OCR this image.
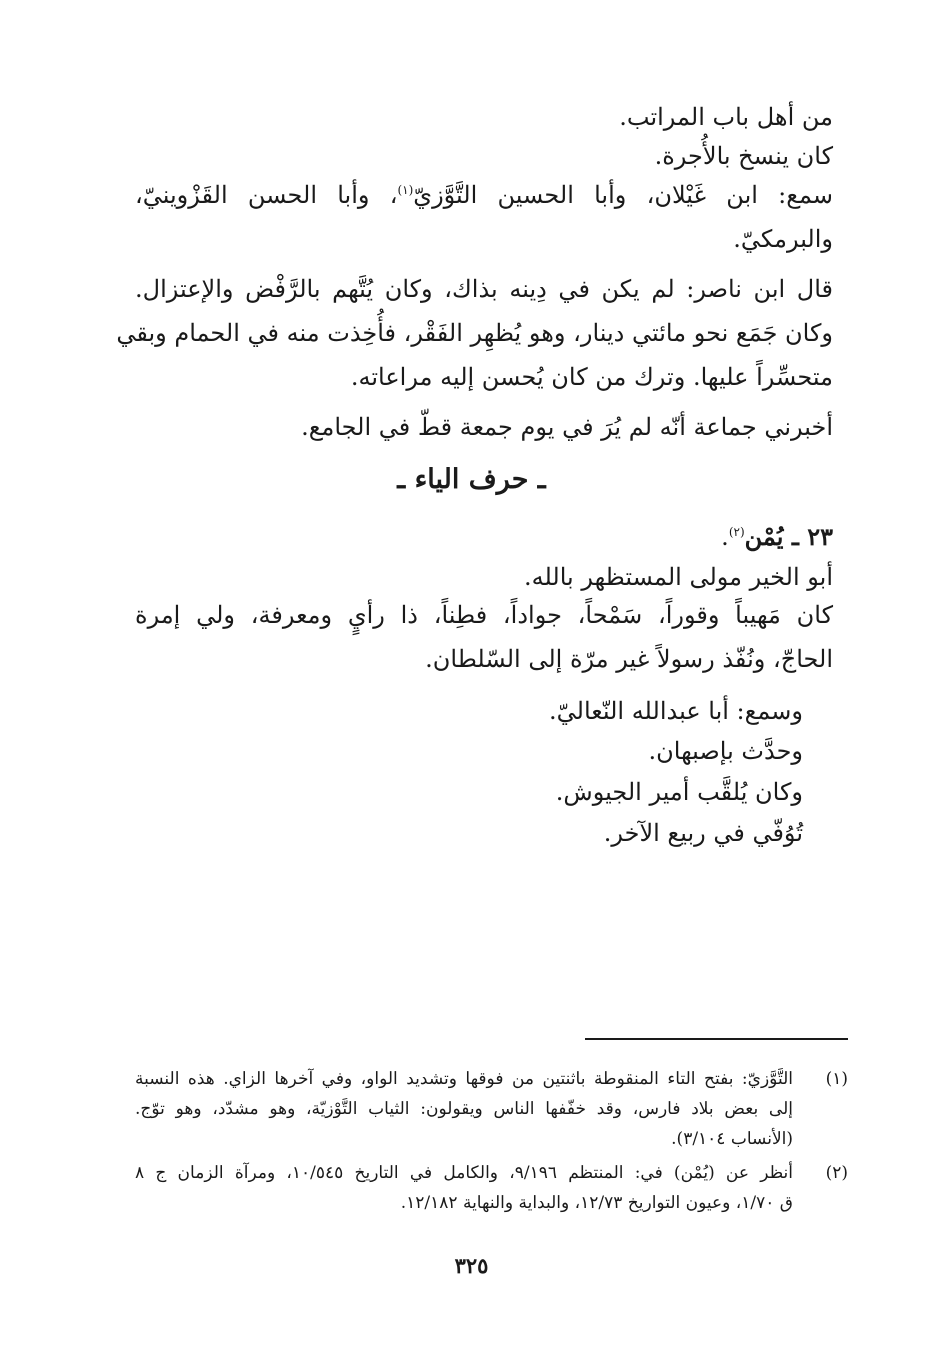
من أهل باب المراتب.
كان ينسخ بالأُجرة.
سمع: ابن غَيْلان، وأبا الحسين التَّوَّزيّ$^{(١)}$، وأبا الحسن القَزْوينيّ،
والبرمكيّ.
قال ابن ناصر: لم يكن في دِينه بذاك، وكان يُتَّهم بالرَّفْض والإعتزال.
وكان جَمَع نحو مائتي دينار، وهو يُظهِر الفَقْر، فأُخِذت منه في الحمام وبقي
متحسِّراً عليها. وترك من كان يُحسن إليه مراعاته.
أخبرني جماعة أنّه لم يُرَ في يوم جمعة قطّ في الجامع.
ـ حرف الياء ـ
٢٣ ـ يُمْن$^{(٢)}$.
أبو الخير مولى المستظهر بالله.
كان مَهيباً وقوراً، سَمْحاً، جواداً، فطِناً، ذا رأيٍ ومعرفة، ولي إمرة
الحاجّ، ونُفّذ رسولاً غير مرّة إلى السّلطان.
وسمع: أبا عبدالله النّعاليّ.
وحدَّث بإصبهان.
وكان يُلقَّب أمير الجيوش.
تُوُفّي في ربيع الآخر.
(١)
التَّوَّزيّ: بفتح التاء المنقوطة باثنتين من فوقها وتشديد الواو، وفي آخرها الزاي. هذه النسبة
إلى بعض بلاد فارس، وقد خفّفها الناس ويقولون: الثياب التَّوْزيّة، وهو مشدّد، وهو توّج.
(الأنساب ٣/١٠٤).
(٢)
أنظر عن (يُمْن) في: المنتظم ٩/١٩٦، والكامل في التاريخ ١٠/٥٤٥، ومرآة الزمان ج ٨
ق ١/٧٠، وعيون التواريخ ١٢/٧٣، والبداية والنهاية ١٢/١٨٢.
٣٢٥
